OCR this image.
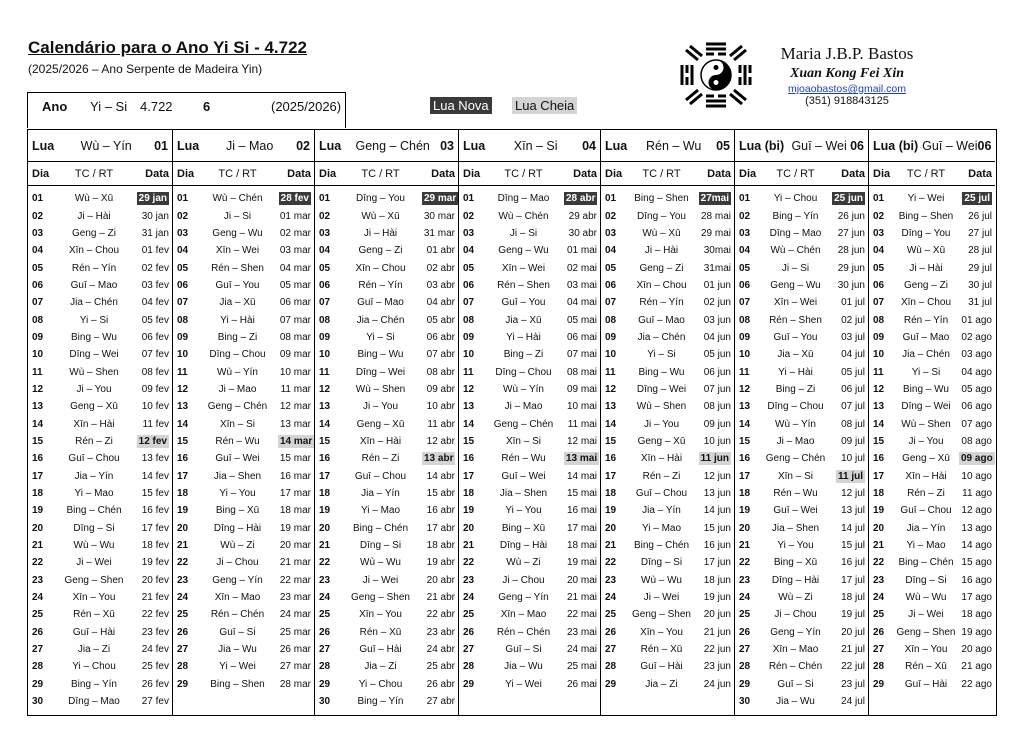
Calendário para o Ano Yi Si - 4.722
(2025/2026 – Ano Serpente de Madeira Yin)
Maria J.B.P. Bastos
Xuan Kong Fei Xin
mjoaobastos@gmail.com
(351) 918843125
Ano Yi – Si 4.722 6	(2025/2026)	Lua Nova Lua Cheia
Lua	Wù – Yín	01
Dia	TC / RT	Data
01	Wù – Xū	29 jan
02	Ji – Hài	30 jan
03	Geng – Zi	31 jan
04	Xīn – Chou	01 fev
05	Rén – Yín	02 fev
06	Guī – Mao	03 fev
07	Jia – Chén	04 fev
08	Yi – Si	05 fev
09	Bing – Wu	06 fev
10	Dīng – Wei	07 fev
11	Wù – Shen	08 fev
12	Ji – You	09 fev
13	Geng – Xū	10 fev
14	Xīn – Hài	11 fev
15	Rén – Zi	12 fev
16	Guī – Chou	13 fev
17	Jia – Yín	14 fev
18	Yi – Mao	15 fev
19	Bing – Chén	16 fev
20	Dīng – Si	17 fev
21	Wù – Wu	18 fev
22	Ji – Wei	19 fev
23	Geng – Shen	20 fev
24	Xīn – You	21 fev
25	Rén – Xū	22 fev
26	Guī – Hài	23 fev
27	Jia – Zi	24 fev
28	Yi – Chou	25 fev
29	Bing – Yín	26 fev
30	Dīng – Mao	27 fev
Lua	Ji – Mao	02
Dia	TC / RT	Data
01	Wù – Chén	28 fev
02	Ji – Si	01 mar
03	Geng – Wu	02 mar
04	Xīn – Wei	03 mar
05	Rén – Shen	04 mar
06	Guī – You	05 mar
07	Jia – Xū	06 mar
08	Yi – Hài	07 mar
09	Bing – Zi	08 mar
10	Dīng – Chou	09 mar
11	Wù – Yín	10 mar
12	Ji – Mao	11 mar
13	Geng – Chén	12 mar
14	Xīn – Si	13 mar
15	Rén – Wu	14 mar
16	Guī – Wei	15 mar
17	Jia – Shen	16 mar
18	Yi – You	17 mar
19	Bing – Xū	18 mar
20	Dīng – Hài	19 mar
21	Wù – Zi	20 mar
22	Ji – Chou	21 mar
23	Geng – Yín	22 mar
24	Xīn – Mao	23 mar
25	Rén – Chén	24 mar
26	Guī – Si	25 mar
27	Jia – Wu	26 mar
28	Yi – Wei	27 mar
29	Bing – Shen	28 mar
Lua	Geng – Chén 03
Dia	TC / RT	Data
01	Dīng – You	29 mar
02	Wù – Xū	30 mar
03	Ji – Hài	31 mar
04	Geng – Zi	01 abr
05	Xīn – Chou	02 abr
06	Rén – Yín	03 abr
07	Guī – Mao	04 abr
08	Jia – Chén	05 abr
09	Yi – Si	06 abr
10	Bing – Wu	07 abr
11	Dīng – Wei	08 abr
12	Wù – Shen	09 abr
13	Ji – You	10 abr
14	Geng – Xū	11 abr
15	Xīn – Hài	12 abr
16	Rén – Zi	13 abr
17	Guī – Chou	14 abr
18	Jia – Yín	15 abr
19	Yi – Mao	16 abr
20	Bing – Chén	17 abr
21	Dīng – Si	18 abr
22	Wù – Wu	19 abr
23	Ji – Wei	20 abr
24	Geng – Shen	21 abr
25	Xīn – You	22 abr
26	Rén – Xū	23 abr
27	Guī – Hài	24 abr
28	Jia – Zi	25 abr
29	Yi – Chou	26 abr
30	Bing – Yín	27 abr
Lua	Xīn – Si	04
Dia	TC / RT	Data
01	Dīng – Mao	28 abr
02	Wù – Chén	29 abr
03	Ji – Si	30 abr
04	Geng – Wu	01 mai
05	Xīn – Wei	02 mai
06	Rén – Shen	03 mai
07	Guī – You	04 mai
08	Jia – Xū	05 mai
09	Yi – Hài	06 mai
10	Bing – Zi	07 mai
11	Dīng – Chou	08 mai
12	Wù – Yín	09 mai
13	Ji – Mao	10 mai
14	Geng – Chén	11 mai
15	Xīn – Si	12 mai
16	Rén – Wu	13 mai
17	Guī – Wei	14 mai
18	Jia – Shen	15 mai
19	Yi – You	16 mai
20	Bing – Xū	17 mai
21	Dīng – Hài	18 mai
22	Wù – Zi	19 mai
23	Ji – Chou	20 mai
24	Geng – Yín	21 mai
25	Xīn – Mao	22 mai
26	Rén – Chén	23 mai
27	Guī – Si	24 mai
28	Jia – Wu	25 mai
29	Yi – Wei	26 mai
Lua	Rén – Wu	05
Dia	TC / RT	Data
01	Bing – Shen	27mai
02	Dīng – You	28 mai
03	Wù – Xū	29 mai
04	Ji – Hài	30mai
05	Geng – Zi	31mai
06	Xīn – Chou	01 jun
07	Rén – Yín	02 jun
08	Guī – Mao	03 jun
09	Jia – Chén	04 jun
10	Yi – Si	05 jun
11	Bing – Wu	06 jun
12	Dīng – Wei	07 jun
13	Wù – Shen	08 jun
14	Ji – You	09 jun
15	Geng – Xū	10 jun
16	Xīn – Hài	11 jun
17	Rén – Zi	12 jun
18	Guī – Chou	13 jun
19	Jia – Yín	14 jun
20	Yi – Mao	15 jun
21	Bing – Chén	16 jun
22	Dīng – Si	17 jun
23	Wù – Wu	18 jun
24	Ji – Wei	19 jun
25	Geng – Shen	20 jun
26	Xīn – You	21 jun
27	Rén – Xū	22 jun
28	Guī – Hài	23 jun
29	Jia – Zi	24 jun
Lua (bi) Guī – Wei 06
Dia	TC / RT	Data
01	Yi – Chou	25 jun
02	Bing – Yín	26 jun
03	Dīng – Mao	27 jun
04	Wù – Chén	28 jun
05	Ji – Si	29 jun
06	Geng – Wu	30 jun
07	Xīn – Wei	01 jul
08	Rén – Shen	02 jul
09	Guī – You	03 jul
10	Jia – Xū	04 jul
11	Yi – Hài	05 jul
12	Bing – Zi	06 jul
13	Dīng – Chou	07 jul
14	Wù – Yín	08 jul
15	Ji – Mao	09 jul
16	Geng – Chén	10 jul
17	Xīn – Si	11 jul
18	Rén – Wu	12 jul
19	Guī – Wei	13 jul
20	Jia – Shen	14 jul
21	Yi – You	15 jul
22	Bing – Xū	16 jul
23	Dīng – Hài	17 jul
24	Wù – Zi	18 jul
25	Ji – Chou	19 jul
26	Geng – Yín	20 jul
27	Xīn – Mao	21 jul
28	Rén – Chén	22 jul
29	Guī – Si	23 jul
30	Jia – Wu	24 jul
Lua (bi) Guī – Wei 06
Dia	TC / RT	Data
01	Yi – Wei	25 jul
02	Bing – Shen	26 jul
03	Dīng – You	27 jul
04	Wù – Xū	28 jul
05	Ji – Hài	29 jul
06	Geng – Zi	30 jul
07	Xīn – Chou	31 jul
08	Rén – Yín	01 ago
09	Guī – Mao	02 ago
10	Jia – Chén	03 ago
11	Yi – Si	04 ago
12	Bing – Wu	05 ago
13	Dīng – Wei	06 ago
14	Wù – Shen	07 ago
15	Ji – You	08 ago
16	Geng – Xū	09 ago
17	Xīn – Hài	10 ago
18	Rén – Zi	11 ago
19	Guī – Chou 12 ago
20	Jia – Yín	13 ago
21	Yi – Mao	14 ago
22	Bing – Chén 15 ago
23	Dīng – Si	16 ago
24	Wù – Wu	17 ago
25	Ji – Wei	18 ago
26	Geng – Shen 19 ago
27	Xīn – You	20 ago
28	Rén – Xū	21 ago
29	Guī – Hài	22 ago
